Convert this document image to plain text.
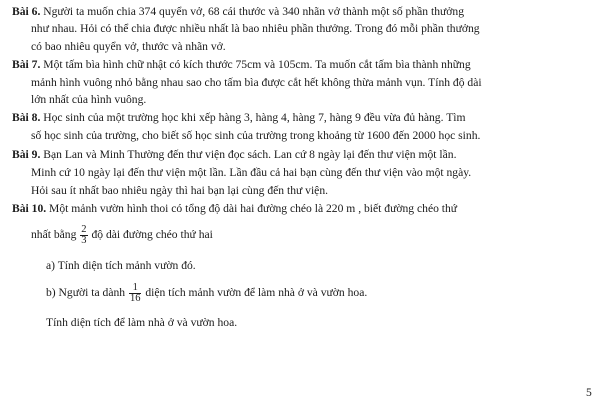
Bài 6. Người ta muốn chia 374 quyển vở, 68 cái thước và 340 nhãn vở thành một số phần thưởng
như nhau. Hỏi có thể chia được nhiều nhất là bao nhiêu phần thưởng. Trong đó mỗi phần thưởng
có bao nhiêu quyển vở, thước và nhãn vở.
Bài 7. Một tấm bìa hình chữ nhật có kích thước 75cm và 105cm. Ta muốn cắt tấm bìa thành những
mảnh hình vuông nhỏ bằng nhau sao cho tấm bìa được cắt hết không thừa mảnh vụn. Tính độ dài
lớn nhất của hình vuông.
Bài 8. Học sinh của một trường học khi xếp hàng 3, hàng 4, hàng 7, hàng 9 đều vừa đủ hàng. Tìm
số học sinh của trường, cho biết số học sinh của trường trong khoảng từ 1600 đến 2000 học sinh.
Bài 9. Bạn Lan và Minh Thường đến thư viện đọc sách. Lan cứ 8 ngày lại đến thư viện một lần.
Minh cứ 10 ngày lại đến thư viện một lần. Lần đầu cả hai bạn cùng đến thư viện vào một ngày.
Hỏi sau ít nhất bao nhiêu ngày thì hai bạn lại cùng đến thư viện.
Bài 10. Một mảnh vườn hình thoi có tổng độ dài hai đường chéo là 220 m , biết đường chéo thứ
nhất bằng $\frac{2}{3}$ độ dài đường chéo thứ hai
a) Tính diện tích mảnh vườn đó.
b) Người ta dành $\frac{1}{16}$ diện tích mảnh vườn để làm nhà ở và vườn hoa.
Tính diện tích để làm nhà ở và vườn hoa.
5
